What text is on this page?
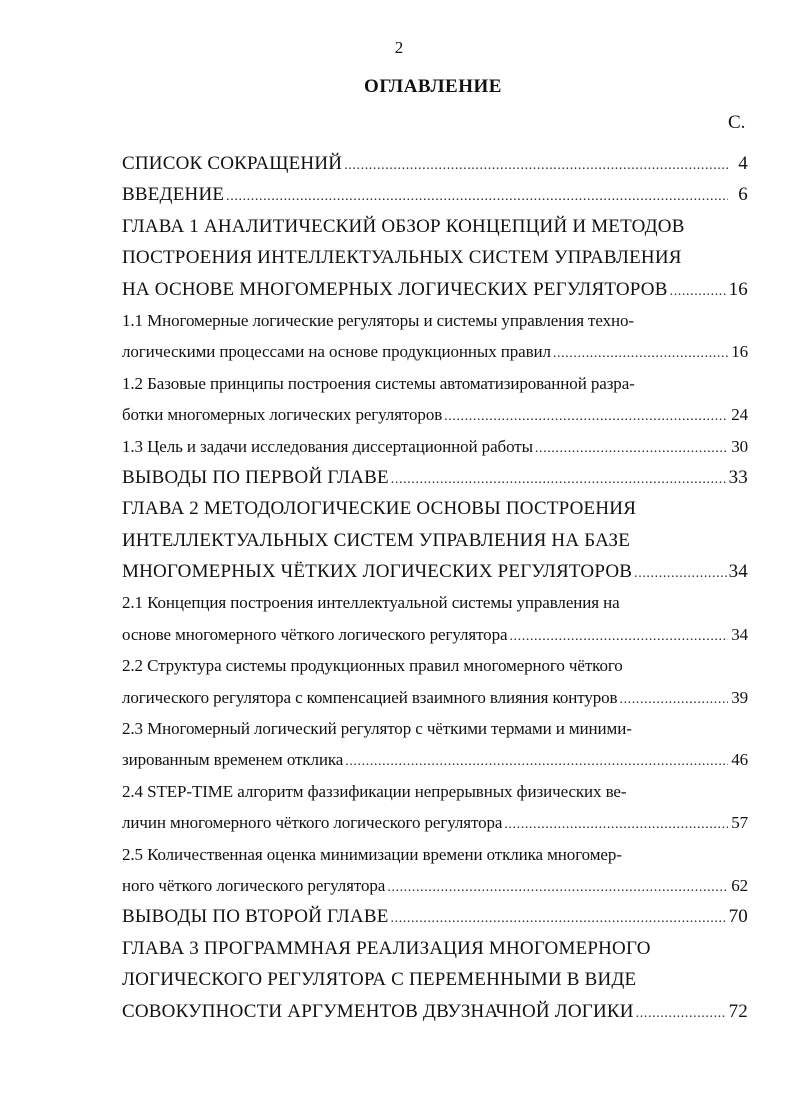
2
ОГЛАВЛЕНИЕ
С.
СПИСОК СОКРАЩЕНИЙ .....	4
ВВЕДЕНИЕ .....	6
ГЛАВА 1 АНАЛИТИЧЕСКИЙ ОБЗОР КОНЦЕПЦИЙ И МЕТОДОВ
ПОСТРОЕНИЯ ИНТЕЛЛЕКТУАЛЬНЫХ СИСТЕМ УПРАВЛЕНИЯ
НА ОСНОВЕ МНОГОМЕРНЫХ ЛОГИЧЕСКИХ РЕГУЛЯТОРОВ .....	16
1.1 Многомерные логические регуляторы и системы управления техно-
логическими процессами на основе продукционных правил .....	16
1.2 Базовые принципы построения системы автоматизированной разра-
ботки многомерных логических регуляторов .....	24
1.3 Цель и задачи исследования диссертационной работы .....	30
ВЫВОДЫ ПО ПЕРВОЙ ГЛАВЕ .....	33
ГЛАВА 2 МЕТОДОЛОГИЧЕСКИЕ ОСНОВЫ ПОСТРОЕНИЯ
ИНТЕЛЛЕКТУАЛЬНЫХ СИСТЕМ УПРАВЛЕНИЯ НА БАЗЕ
МНОГОМЕРНЫХ ЧЁТКИХ ЛОГИЧЕСКИХ РЕГУЛЯТОРОВ .....	34
2.1 Концепция построения интеллектуальной системы управления на
основе многомерного чёткого логического регулятора .....	34
2.2 Структура системы продукционных правил многомерного чёткого
логического регулятора с компенсацией взаимного влияния контуров .....	39
2.3 Многомерный логический регулятор с чёткими термами и миними-
зированным временем отклика .....	46
2.4 STEP-TIME алгоритм фаззификации непрерывных физических ве-
личин многомерного чёткого логического регулятора .....	57
2.5 Количественная оценка минимизации времени отклика многомер-
ного чёткого логического регулятора .....	62
ВЫВОДЫ ПО ВТОРОЙ ГЛАВЕ .....	70
ГЛАВА 3 ПРОГРАММНАЯ РЕАЛИЗАЦИЯ МНОГОМЕРНОГО
ЛОГИЧЕСКОГО РЕГУЛЯТОРА С ПЕРЕМЕННЫМИ В ВИДЕ
СОВОКУПНОСТИ АРГУМЕНТОВ ДВУЗНАЧНОЙ ЛОГИКИ .....	72
